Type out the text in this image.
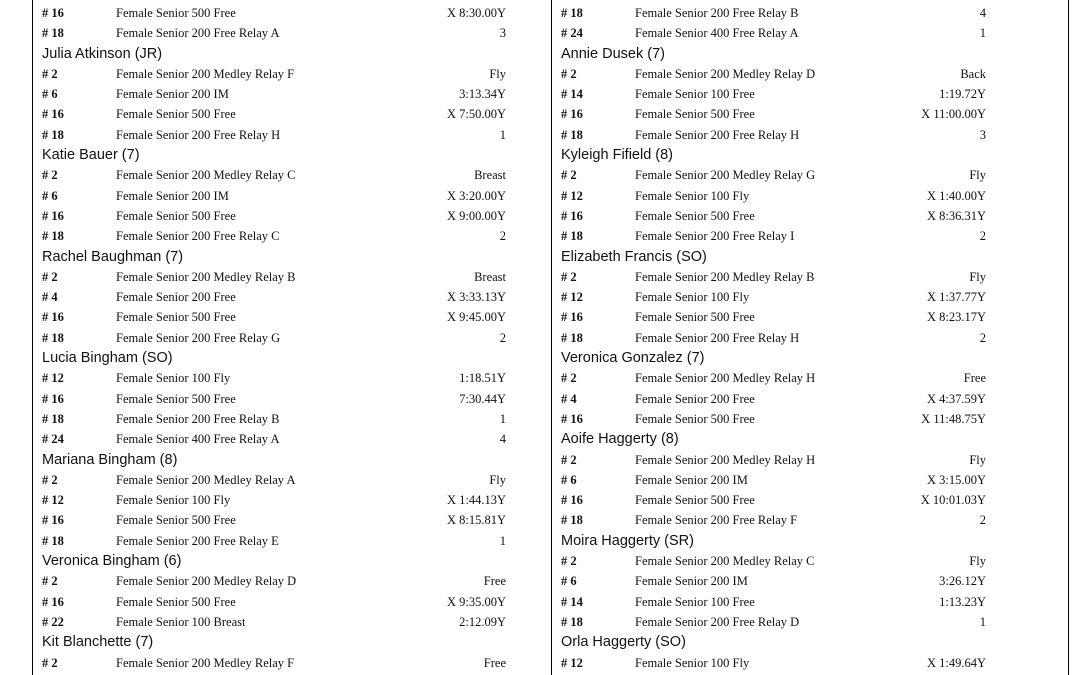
# 16	Female Senior 500 Free	X 8:30.00Y
# 18	Female Senior 200 Free Relay A	3
Julia Atkinson (JR)
# 2	Female Senior 200 Medley Relay F	Fly
# 6	Female Senior 200 IM	3:13.34Y
# 16	Female Senior 500 Free	X 7:50.00Y
# 18	Female Senior 200 Free Relay H	1
Katie Bauer (7)
# 2	Female Senior 200 Medley Relay C	Breast
# 6	Female Senior 200 IM	X 3:20.00Y
# 16	Female Senior 500 Free	X 9:00.00Y
# 18	Female Senior 200 Free Relay C	2
Rachel Baughman (7)
# 2	Female Senior 200 Medley Relay B	Breast
# 4	Female Senior 200 Free	X 3:33.13Y
# 16	Female Senior 500 Free	X 9:45.00Y
# 18	Female Senior 200 Free Relay G	2
Lucia Bingham (SO)
# 12	Female Senior 100 Fly	1:18.51Y
# 16	Female Senior 500 Free	7:30.44Y
# 18	Female Senior 200 Free Relay B	1
# 24	Female Senior 400 Free Relay A	4
Mariana Bingham (8)
# 2	Female Senior 200 Medley Relay A	Fly
# 12	Female Senior 100 Fly	X 1:44.13Y
# 16	Female Senior 500 Free	X 8:15.81Y
# 18	Female Senior 200 Free Relay E	1
Veronica Bingham (6)
# 2	Female Senior 200 Medley Relay D	Free
# 16	Female Senior 500 Free	X 9:35.00Y
# 22	Female Senior 100 Breast	2:12.09Y
Kit Blanchette (7)
# 2	Female Senior 200 Medley Relay F	Free
# 18	Female Senior 200 Free Relay B	4
# 24	Female Senior 400 Free Relay A	1
Annie Dusek (7)
# 2	Female Senior 200 Medley Relay D	Back
# 14	Female Senior 100 Free	1:19.72Y
# 16	Female Senior 500 Free	X 11:00.00Y
# 18	Female Senior 200 Free Relay H	3
Kyleigh Fifield (8)
# 2	Female Senior 200 Medley Relay G	Fly
# 12	Female Senior 100 Fly	X 1:40.00Y
# 16	Female Senior 500 Free	X 8:36.31Y
# 18	Female Senior 200 Free Relay I	2
Elizabeth Francis (SO)
# 2	Female Senior 200 Medley Relay B	Fly
# 12	Female Senior 100 Fly	X 1:37.77Y
# 16	Female Senior 500 Free	X 8:23.17Y
# 18	Female Senior 200 Free Relay H	2
Veronica Gonzalez (7)
# 2	Female Senior 200 Medley Relay H	Free
# 4	Female Senior 200 Free	X 4:37.59Y
# 16	Female Senior 500 Free	X 11:48.75Y
Aoife Haggerty (8)
# 2	Female Senior 200 Medley Relay H	Fly
# 6	Female Senior 200 IM	X 3:15.00Y
# 16	Female Senior 500 Free	X 10:01.03Y
# 18	Female Senior 200 Free Relay F	2
Moira Haggerty (SR)
# 2	Female Senior 200 Medley Relay C	Fly
# 6	Female Senior 200 IM	3:26.12Y
# 14	Female Senior 100 Free	1:13.23Y
# 18	Female Senior 200 Free Relay D	1
Orla Haggerty (SO)
# 12	Female Senior 100 Fly	X 1:49.64Y
